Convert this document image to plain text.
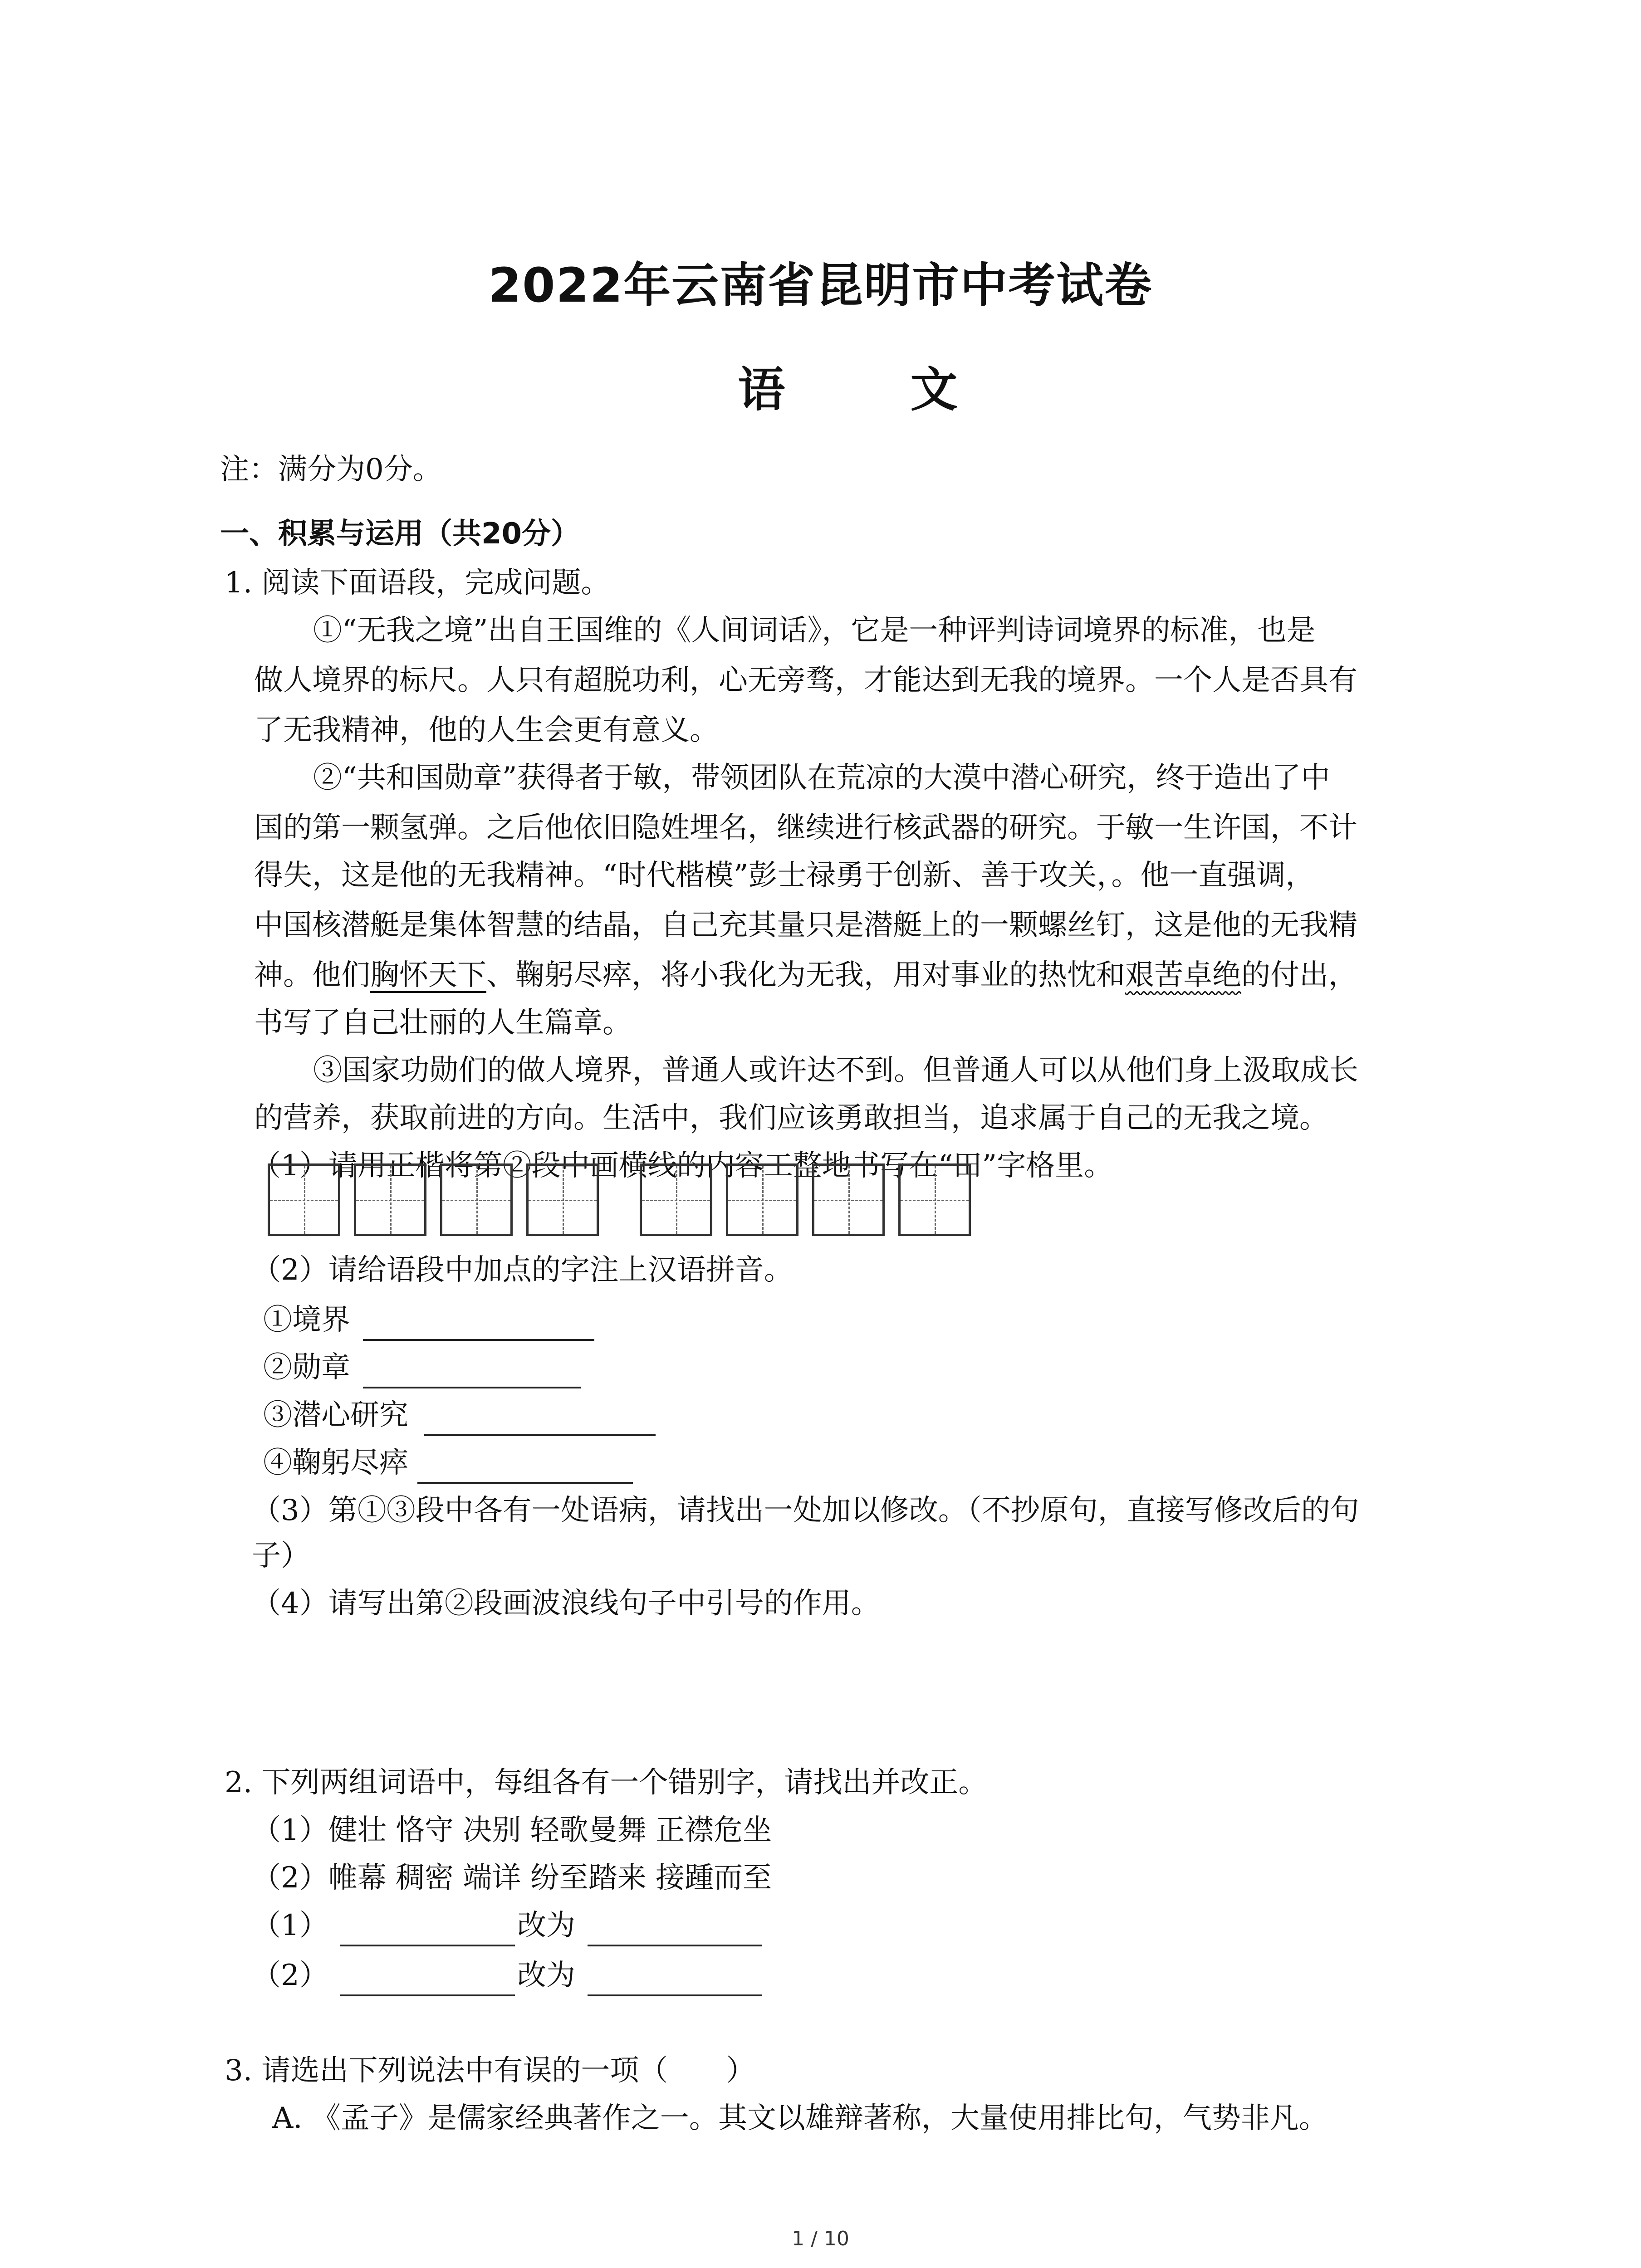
2022年云南省昆明市中考试卷
语 文
注：满分为0分。
一、积累与运用（共20分）
1. 阅读下面语段，完成问题。
①“无我之境”出自王国维的《人间词话》，它是一种评判诗词境界的标准，也是
做人境界的标尺。人只有超脱功利，心无旁骛，才能达到无我的境界。一个人是否具有
了无我精神，他的人生会更有意义。
②“共和国勋章”获得者于敏，带领团队在荒凉的大漠中潜心研究，终于造出了中
国的第一颗氢弹。之后他依旧隐姓埋名，继续进行核武器的研究。于敏一生许国，不计
得失，这是他的无我精神。“时代楷模”彭士禄勇于创新、善于攻关，。他一直强调，
中国核潜艇是集体智慧的结晶，自己充其量只是潜艇上的一颗螺丝钉，这是他的无我精
神。他们胸怀天下、鞠躬尽瘁，将小我化为无我，用对事业的热忱和艰苦卓绝的付出，
书写了自己壮丽的人生篇章。
③国家功勋们的做人境界，普通人或许达不到。但普通人可以从他们身上汲取成长
的营养，获取前进的方向。生活中，我们应该勇敢担当，追求属于自己的无我之境。
（1）请用正楷将第②段中画横线的内容工整地书写在“田”字格里。
（2）请给语段中加点的字注上汉语拼音。
①境界
②勋章
③潜心研究
④鞠躬尽瘁
（3）第①③段中各有一处语病，请找出一处加以修改。（不抄原句，直接写修改后的句
子）
（4）请写出第②段画波浪线句子中引号的作用。
2. 下列两组词语中，每组各有一个错别字，请找出并改正。
（1）健壮 恪守 决别 轻歌曼舞 正襟危坐
（2）帷幕 稠密 端详 纷至踏来 接踵而至
（1）	改为
（2）	改为
3. 请选出下列说法中有误的一项（　　）
A. 《孟子》是儒家经典著作之一。其文以雄辩著称，大量使用排比句，气势非凡。
1 / 10
